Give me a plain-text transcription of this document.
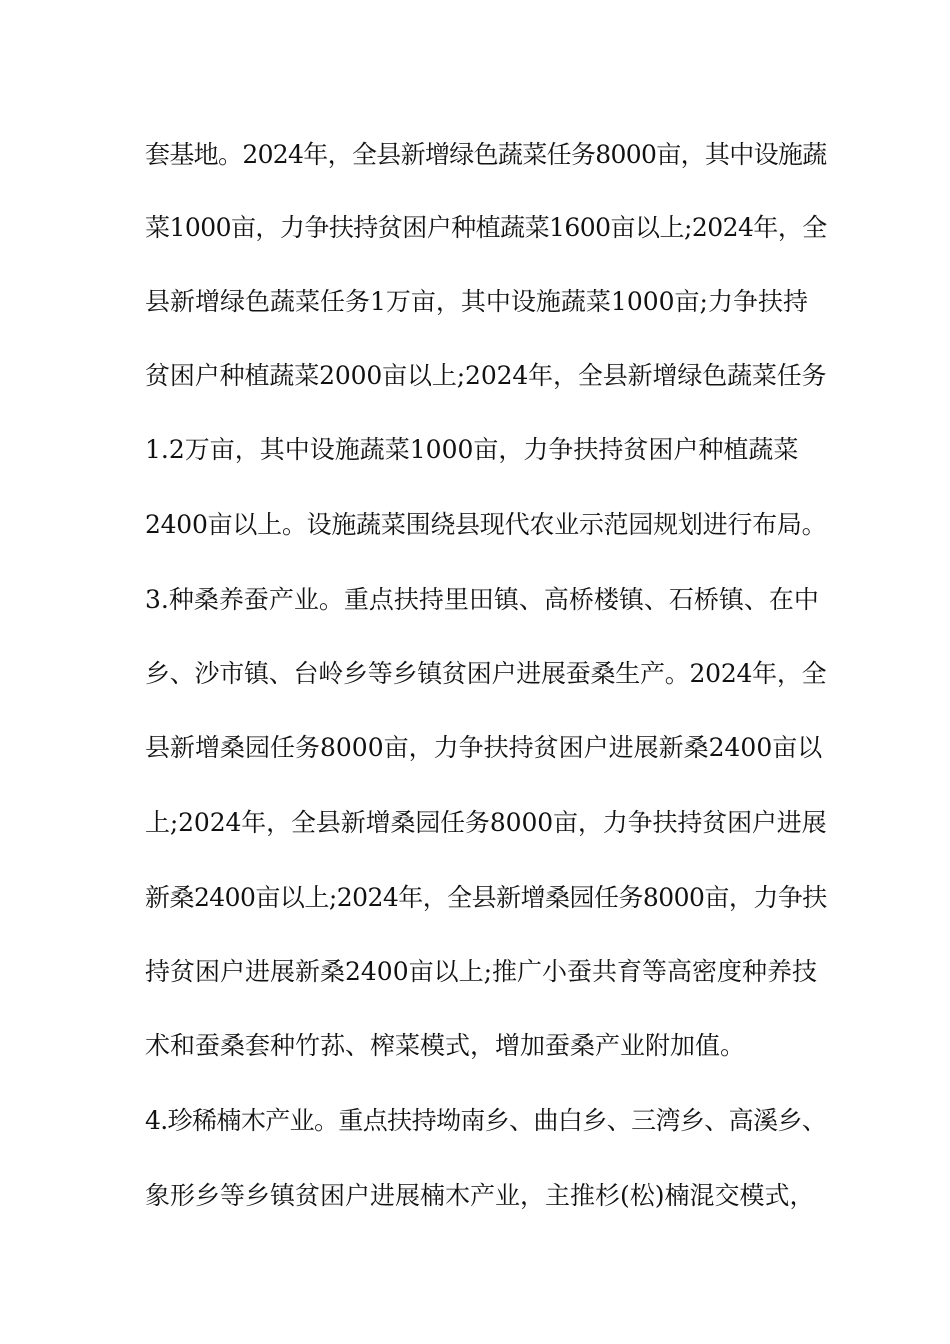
套基地。2024年，全县新增绿色蔬菜任务8000亩，其中设施蔬
菜1000亩，力争扶持贫困户种植蔬菜1600亩以上;2024年，全
县新增绿色蔬菜任务1万亩，其中设施蔬菜1000亩;力争扶持
贫困户种植蔬菜2000亩以上;2024年，全县新增绿色蔬菜任务
1.2万亩，其中设施蔬菜1000亩，力争扶持贫困户种植蔬菜
2400亩以上。设施蔬菜围绕县现代农业示范园规划进行布局。
3.种桑养蚕产业。重点扶持里田镇、高桥楼镇、石桥镇、在中
乡、沙市镇、台岭乡等乡镇贫困户进展蚕桑生产。2024年，全
县新增桑园任务8000亩，力争扶持贫困户进展新桑2400亩以
上;2024年，全县新增桑园任务8000亩，力争扶持贫困户进展
新桑2400亩以上;2024年，全县新增桑园任务8000亩，力争扶
持贫困户进展新桑2400亩以上;推广小蚕共育等高密度种养技
术和蚕桑套种竹荪、榨菜模式，增加蚕桑产业附加值。
4.珍稀楠木产业。重点扶持坳南乡、曲白乡、三湾乡、高溪乡、
象形乡等乡镇贫困户进展楠木产业，主推杉(松)楠混交模式，
